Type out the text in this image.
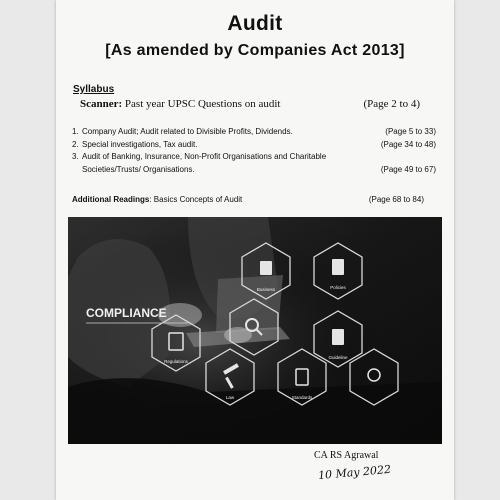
Audit
[As amended by Companies Act 2013]
Syllabus
Scanner: Past year UPSC Questions on audit	(Page 2 to 4)
1. Company Audit; Audit related to Divisible Profits, Dividends.	(Page 5 to 33)
2. Special investigations, Tax audit.	(Page 34 to 48)
3. Audit of Banking, Insurance, Non-Profit Organisations and Charitable
Societies/Trusts/ Organisations.	(Page 49 to 67)
Additional Readings: Basics Concepts of Audit	(Page 68 to 84)
COMPLIANCE
Business	Policies
Regulations
Guideline
Law	Standards
CA RS Agrawal
10 May 2022
